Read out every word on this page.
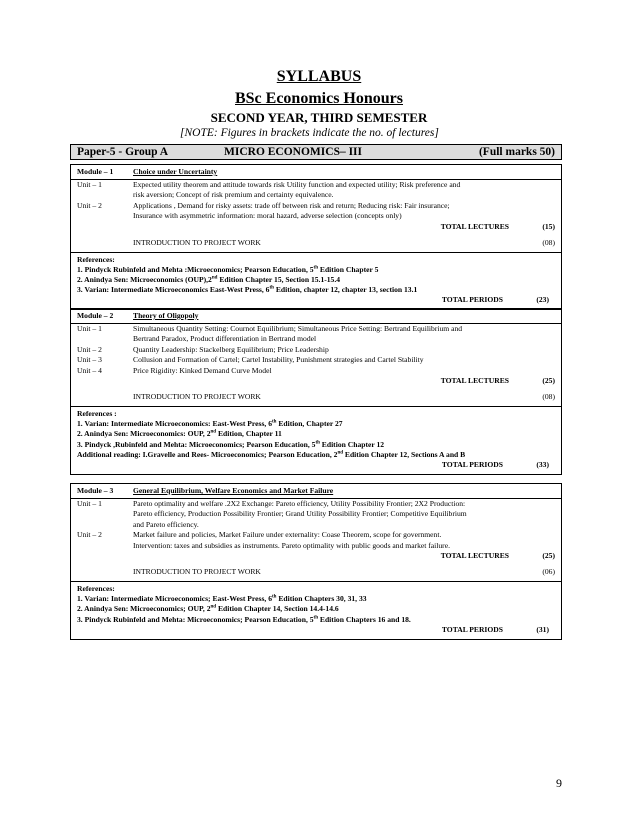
SYLLABUS
BSc Economics Honours
SECOND YEAR, THIRD SEMESTER
[NOTE: Figures in brackets indicate the no. of lectures]
Paper-5 - Group A	MICRO ECONOMICS– III	(Full marks 50)
Module – 1	Choice under Uncertainty
Unit – 1	Expected utility theorem and attitude towards risk Utility function and expected utility; Risk preference and
risk aversion; Concept of risk premium and certainty equivalence.
Unit – 2	Applications , Demand for risky assets: trade off between risk and return; Reducing risk: Fair insurance;
Insurance with asymmetric information: moral hazard, adverse selection (concepts only)
TOTAL LECTURES	(15)
INTRODUCTION TO PROJECT WORK	(08)
References:
1. Pindyck Rubinfeld and Mehta :Microeconomics; Pearson Education, 5th Edition Chapter 5
2. Anindya Sen: Microeconomics (OUP),2nd Edition Chapter 15, Section 15.1-15.4
3. Varian: Intermediate Microeconomics East-West Press, 6th Edition, chapter 12, chapter 13, section 13.1
TOTAL PERIODS	(23)
Module – 2	Theory of Oligopoly
Unit – 1	Simultaneous Quantity Setting: Cournot Equilibrium; Simultaneous Price Setting: Bertrand Equilibrium and
Bertrand Paradox, Product differentiation in Bertrand model
Unit – 2	Quantity Leadership: Stackelberg Equilibrium; Price Leadership
Unit – 3	Collusion and Formation of Cartel; Cartel Instability, Punishment strategies and Cartel Stability
Unit – 4	Price Rigidity: Kinked Demand Curve Model
TOTAL LECTURES	(25)
INTRODUCTION TO PROJECT WORK	(08)
References :
1. Varian: Intermediate Microeconomics: East-West Press, 6th Edition, Chapter 27
2. Anindya Sen: Microeconomics: OUP, 2nd Edition, Chapter 11
3. Pindyck ,Rubinfeld and Mehta: Microeconomics; Pearson Education, 5th Edition Chapter 12
Additional reading: I.Gravelle and Rees- Microeconomics; Pearson Education, 2nd Edition Chapter 12, Sections A and B
TOTAL PERIODS	(33)
Module – 3	General Equilibrium, Welfare Economics and Market Failure
Unit – 1	Pareto optimality and welfare .2X2 Exchange: Pareto efficiency, Utility Possibility Frontier; 2X2 Production:
Pareto efficiency, Production Possibility Frontier; Grand Utility Possibility Frontier; Competitive Equilibrium
and Pareto efficiency.
Unit – 2	Market failure and policies, Market Failure under externality: Coase Theorem, scope for government.
Intervention: taxes and subsidies as instruments. Pareto optimality with public goods and market failure.
TOTAL LECTURES	(25)
INTRODUCTION TO PROJECT WORK	(06)
References:
1. Varian: Intermediate Microeconomics; East-West Press, 6th Edition Chapters 30, 31, 33
2. Anindya Sen: Microeconomics; OUP, 2nd Edition Chapter 14, Section 14.4-14.6
3. Pindyck Rubinfeld and Mehta: Microeconomics; Pearson Education, 5th Edition Chapters 16 and 18.
TOTAL PERIODS	(31)
9
